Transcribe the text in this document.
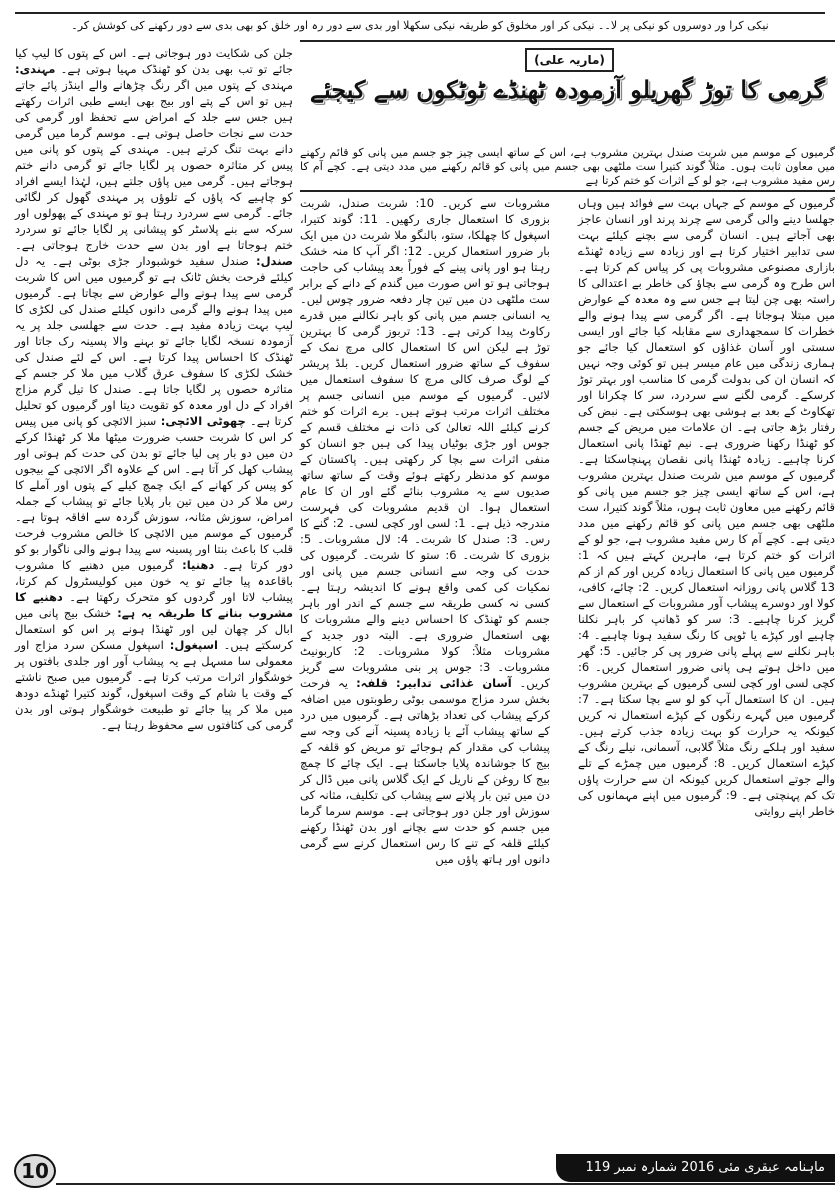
نیکی کرا ور دوسروں کو نیکی پر لا۔۔ نیکی کر اور مخلوق کو طریقہ نیکی سکھلا اور بدی سے دور رہ اور خلق کو بھی بدی سے دور رکھنے کی کوشش کر۔
(ماریہ علی)
گرمی کا توڑ گھریلو آزمودہ ٹھنڈے ٹوٹکوں سے کیجئے
گرمیوں کے موسم میں شربت صندل بہترین مشروب ہے، اس کے ساتھ ایسی چیز جو جسم میں پانی کو قائم رکھنے میں معاون ثابت ہوں۔ مثلاً گوند کتیرا ست ملٹھی بھی جسم میں پانی کو قائم رکھنے میں مدد دیتی ہے۔ کچے آم کا رس مفید مشروب ہے، جو لو کے اثرات کو ختم کرتا ہے
گرمیوں کے موسم کے جہاں بہت سے فوائد ہیں وہاں جھلسا دینے والی گرمی سے چرند پرند اور انسان عاجز بھی آجاتے ہیں۔ انسان گرمی سے بچنے کیلئے بہت سی تدابیر اختیار کرتا ہے اور زیادہ سے زیادہ ٹھنڈے بازاری مصنوعی مشروبات پی کر پیاس کم کرتا ہے۔ اس طرح وہ گرمی سے بچاؤ کی خاطر بے اعتدالی کا راستہ بھی چن لیتا ہے جس سے وہ معدہ کے عوارض میں مبتلا ہوجاتا ہے۔ اگر گرمی سے پیدا ہونے والے خطرات کا سمجھداری سے مقابلہ کیا جائے اور ایسی سستی اور آسان غذاؤں کو استعمال کیا جائے جو ہماری زندگی میں عام میسر ہیں تو کوئی وجہ نہیں کہ انسان ان کی بدولت گرمی کا مناسب اور بہتر توڑ کرسکے۔ گرمی لگنے سے سردرد، سر کا چکرانا اور تھکاوٹ کے بعد بے ہوشی بھی ہوسکتی ہے۔ نبض کی رفتار بڑھ جاتی ہے۔ ان علامات میں مریض کے جسم کو ٹھنڈا رکھنا ضروری ہے۔ نیم ٹھنڈا پانی استعمال کرنا چاہیے۔ زیادہ ٹھنڈا پانی نقصان پہنچاسکتا ہے۔ گرمیوں کے موسم میں شربت صندل بہترین مشروب ہے، اس کے ساتھ ایسی چیز جو جسم میں پانی کو قائم رکھنے میں معاون ثابت ہوں، مثلاً گوند کتیرا، ست ملٹھی بھی جسم میں پانی کو قائم رکھنے میں مدد دیتی ہے۔ کچے آم کا رس مفید مشروب ہے، جو لو کے اثرات کو ختم کرتا ہے، ماہرین کہتے ہیں کہ 1: گرمیوں میں پانی کا استعمال زیادہ کریں اور کم از کم 13 گلاس پانی روزانہ استعمال کریں۔ 2: چائے، کافی، کولا اور دوسرے پیشاب آور مشروبات کے استعمال سے گریز کرنا چاہیے۔ 3: سر کو ڈھانپ کر باہر نکلنا چاہیے اور کپڑے یا ٹوپی کا رنگ سفید ہونا چاہیے۔ 4: باہر نکلنے سے پہلے پانی ضرور پی کر جائیں۔ 5: گھر میں داخل ہوتے ہی پانی ضرور استعمال کریں۔ 6: کچی لسی اور کچی لسی گرمیوں کے بہترین مشروب ہیں۔ ان کا استعمال آپ کو لو سے بچا سکتا ہے۔ 7: گرمیوں میں گہرے رنگوں کے کپڑے استعمال نہ کریں کیونکہ یہ حرارت کو بہت زیادہ جذب کرتے ہیں۔ سفید اور ہلکے رنگ مثلاً گلابی، آسمانی، نیلے رنگ کے کپڑے استعمال کریں۔ 8: گرمیوں میں چمڑے کے تلے والے جوتے استعمال کریں کیونکہ ان سے حرارت پاؤں تک کم پہنچتی ہے۔ 9: گرمیوں میں اپنے مہمانوں کی خاطر اپنے روایتی
مشروبات سے کریں۔ 10: شربت صندل، شربت بزوری کا استعمال جاری رکھیں۔ 11: گوند کتیرا، اسپغول کا چھلکا، ستو، بالنگو ملا شربت دن میں ایک بار ضرور استعمال کریں۔ 12: اگر آپ کا منہ خشک رہتا ہو اور پانی پینے کے فوراً بعد پیشاب کی حاجت ہوجاتی ہو تو اس صورت میں گندم کے دانے کے برابر ست ملٹھی دن میں تین چار دفعہ ضرور چوس لیں۔ یہ انسانی جسم میں پانی کو باہر نکالنے میں قدرے رکاوٹ پیدا کرتی ہے۔ 13: تربوز گرمی کا بہترین توڑ ہے لیکن اس کا استعمال کالی مرچ نمک کے سفوف کے ساتھ ضرور استعمال کریں۔ بلڈ پریشر کے لوگ صرف کالی مرچ کا سفوف استعمال میں لائیں۔ گرمیوں کے موسم میں انسانی جسم پر مختلف اثرات مرتب ہوتے ہیں۔ برے اثرات کو ختم کرنے کیلئے اللہ تعالیٰ کی ذات نے مختلف قسم کے جوس اور جڑی بوٹیاں پیدا کی ہیں جو انسان کو منفی اثرات سے بچا کر رکھتی ہیں۔ پاکستان کے موسم کو مدنظر رکھتے ہوئے وقت کے ساتھ ساتھ صدیوں سے یہ مشروب بنائے گئے اور ان کا عام استعمال ہوا۔ ان قدیم مشروبات کی فہرست مندرجہ ذیل ہے۔ 1: لسی اور کچی لسی۔ 2: گنے کا رس۔ 3: صندل کا شربت۔ 4: لال مشروبات۔ 5: بزوری کا شربت۔ 6: ستو کا شربت۔ گرمیوں کی حدت کی وجہ سے انسانی جسم میں پانی اور نمکیات کی کمی واقع ہونے کا اندیشہ رہتا ہے۔ کسی نہ کسی طریقہ سے جسم کے اندر اور باہر جسم کو ٹھنڈک کا احساس دینے والے مشروبات کا بھی استعمال ضروری ہے۔ البتہ دور جدید کے مشروبات مثلاً: کولا مشروبات۔ 2: کاربونیٹ مشروبات۔ 3: جوس پر بنی مشروبات سے گریز کریں۔ آسان غذائی تدابیر: قلفہ: یہ فرحت بخش سرد مزاج موسمی بوٹی رطوبتوں میں اضافہ کرکے پیشاب کی تعداد بڑھاتی ہے۔ گرمیوں میں درد کے ساتھ پیشاب آئے یا زیادہ پسینہ آنے کی وجہ سے پیشاب کی مقدار کم ہوجائے تو مریض کو قلفہ کے بیج کا جوشاندہ پلایا جاسکتا ہے۔ ایک چائے کا چمچ بیج کا روغن کے ناریل کے ایک گلاس پانی میں ڈال کر دن میں تین بار پلانے سے پیشاب کی تکلیف، مثانہ کی سوزش اور جلن دور ہوجاتی ہے۔ موسم سرما گرما میں جسم کو حدت سے بچانے اور بدن ٹھنڈا رکھنے کیلئے قلفہ کے تنے کا رس استعمال کرنے سے گرمی دانوں اور ہاتھ پاؤں میں
جلن کی شکایت دور ہوجاتی ہے۔ اس کے پتوں کا لیپ کیا جائے تو تب بھی بدن کو ٹھنڈک مہیا ہوتی ہے۔ مہندی: مہندی کے پتوں میں اگر رنگ چڑھانے والے اینڈز پائے جاتے ہیں تو اس کے پتے اور بیج بھی ایسے طبی اثرات رکھتے ہیں جس سے جلد کے امراض سے تحفظ اور گرمی کی حدت سے نجات حاصل ہوتی ہے۔ موسم گرما میں گرمی دانے بہت تنگ کرتے ہیں۔ مہندی کے پتوں کو پانی میں پیس کر متاثرہ حصوں پر لگایا جائے تو گرمی دانے ختم ہوجاتے ہیں۔ گرمی میں پاؤں جلتے ہیں، لہٰذا ایسے افراد کو چاہیے کہ پاؤں کے تلوؤں پر مہندی گھول کر لگائی جائے۔ گرمی سے سردرد رہتا ہو تو مہندی کے پھولوں اور سرکہ سے بنے پلاسٹر کو پیشانی پر لگایا جائے تو سردرد ختم ہوجاتا ہے اور بدن سے حدت خارج ہوجاتی ہے۔ صندل: صندل سفید خوشبودار جڑی بوٹی ہے۔ یہ دل کیلئے فرحت بخش ٹانک ہے تو گرمیوں میں اس کا شربت گرمی سے پیدا ہونے والے عوارض سے بچاتا ہے۔ گرمیوں میں پیدا ہونے والے گرمی دانوں کیلئے صندل کی لکڑی کا لیپ بہت زیادہ مفید ہے۔ حدت سے جھلسی جلد پر یہ آزمودہ نسخہ لگایا جائے تو بہنے والا پسینہ رک جاتا اور ٹھنڈک کا احساس پیدا کرتا ہے۔ اس کے لئے صندل کی خشک لکڑی کا سفوف عرق گلاب میں ملا کر جسم کے متاثرہ حصوں پر لگایا جاتا ہے۔ صندل کا تیل گرم مزاج افراد کے دل اور معدہ کو تقویت دیتا اور گرمیوں کو تحلیل کرتا ہے۔ چھوٹی الائچی: سبز الائچی کو پانی میں پیس کر اس کا شربت حسب ضرورت میٹھا ملا کر ٹھنڈا کرکے دن میں دو بار پی لیا جائے تو بدن کی حدت کم ہوتی اور پیشاب کھل کر آتا ہے۔ اس کے علاوہ اگر الائچی کے بیجوں کو پیس کر کھانے کے ایک چمچ کیلے کے پتوں اور آملے کا رس ملا کر دن میں تین بار پلایا جائے تو پیشاب کے جملہ امراض، سوزش مثانہ، سوزش گردہ سے افاقہ ہوتا ہے۔ گرمیوں کے موسم میں الائچی کا خالص مشروب فرحت قلب کا باعث بنتا اور پسینہ سے پیدا ہونے والی ناگوار بو کو دور کرتا ہے۔ دھنیا: گرمیوں میں دھنیے کا مشروب باقاعدہ پیا جائے تو یہ خون میں کولیسٹرول کم کرتا، پیشاب لاتا اور گردوں کو متحرک رکھتا ہے۔ دھنیے کا مشروب بنانے کا طریقہ یہ ہے: خشک بیج پانی میں ابال کر چھان لیں اور ٹھنڈا ہونے پر اس کو استعمال کرسکتے ہیں۔ اسپغول: اسپغول مسکن سرد مزاج اور معمولی سا مسہل ہے یہ پیشاب آور اور جلدی بافتوں پر خوشگوار اثرات مرتب کرتا ہے۔ گرمیوں میں صبح ناشتے کے وقت یا شام کے وقت اسپغول، گوند کتیرا ٹھنڈے دودھ میں ملا کر پیا جائے تو طبیعت خوشگوار ہوتی اور بدن گرمی کی کثافتوں سے محفوظ رہتا ہے۔
ماہنامہ عبقری مئی 2016 شمارہ نمبر 119
10
